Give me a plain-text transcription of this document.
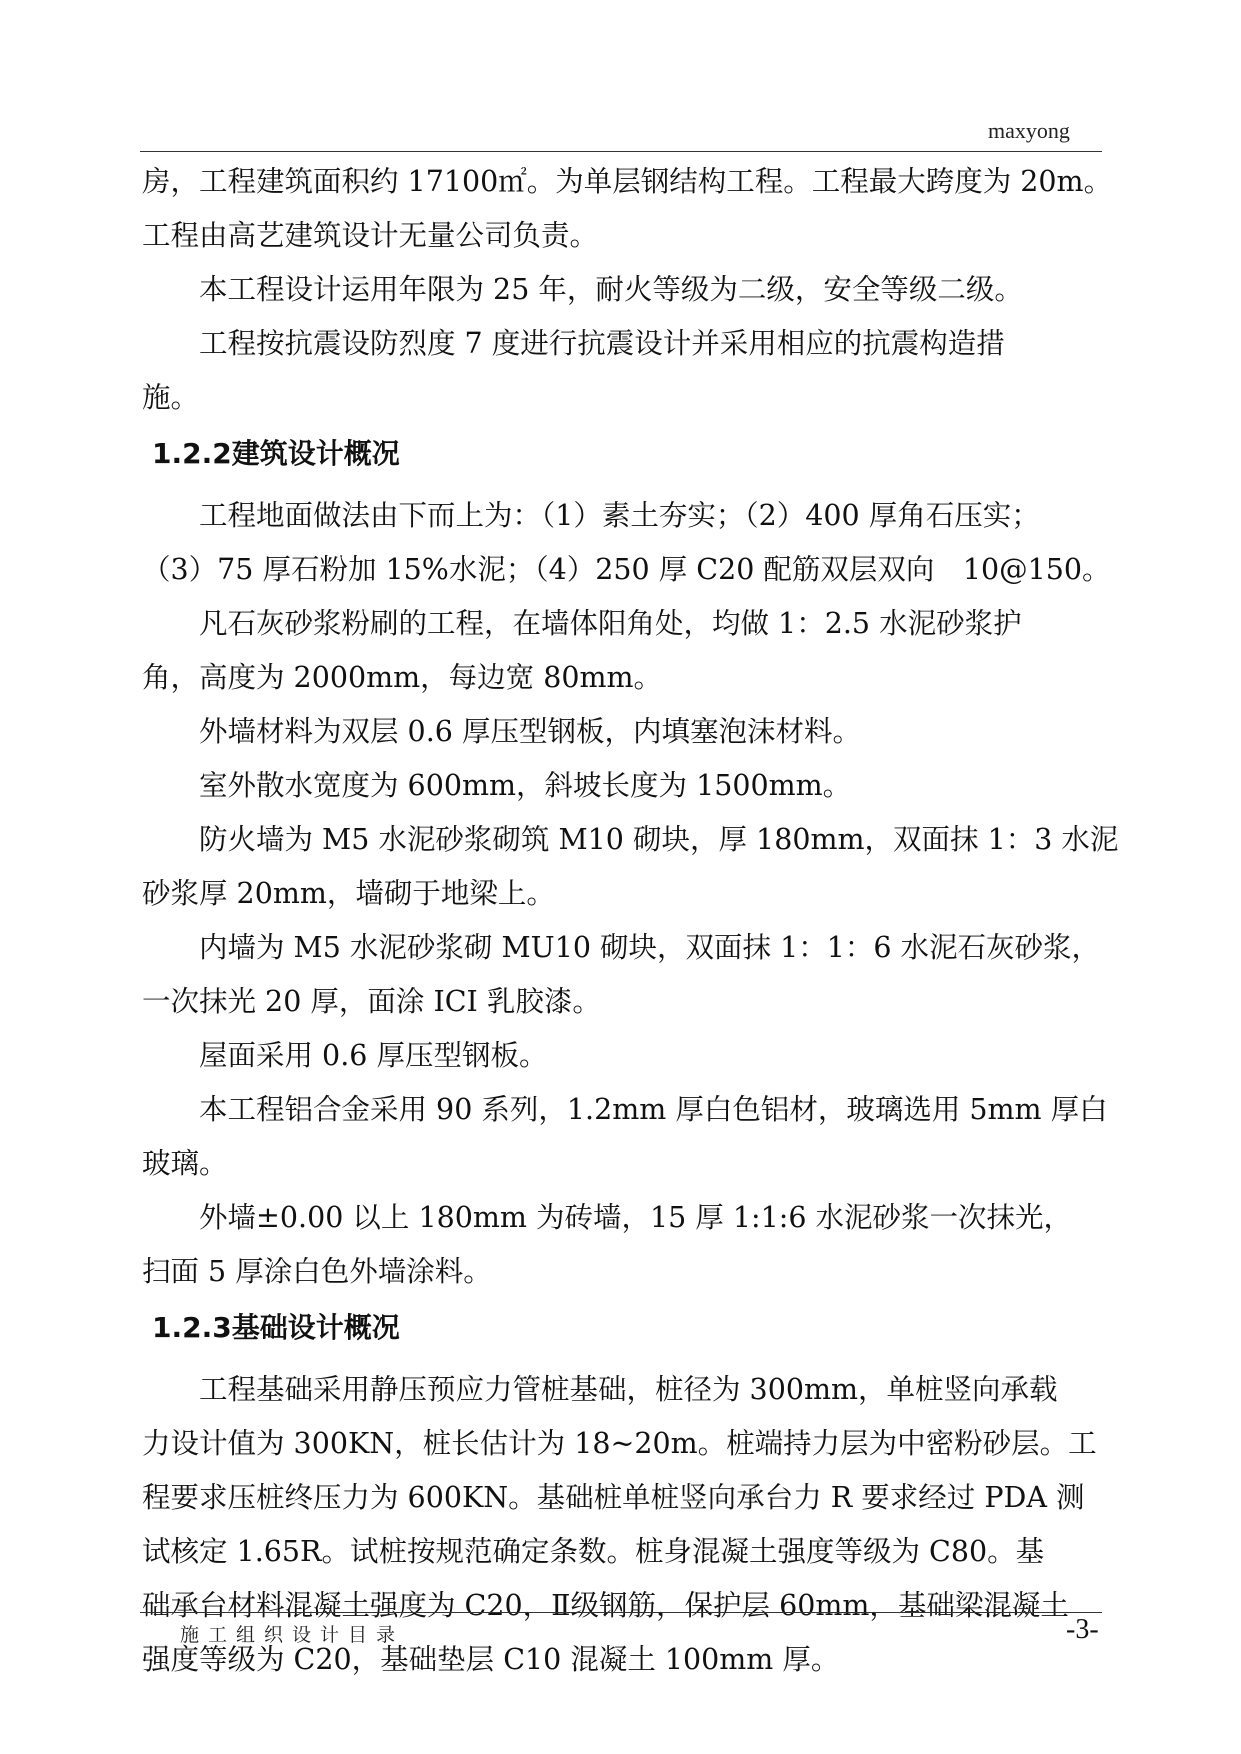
maxyong

房，工程建筑面积约 17100㎡。为单层钢结构工程。工程最大跨度为 20m。

工程由高艺建筑设计无量公司负责。

本工程设计运用年限为 25 年，耐火等级为二级，安全等级二级。

工程按抗震设防烈度 7 度进行抗震设计并采用相应的抗震构造措

施。

1.2.2建筑设计概况

工程地面做法由下而上为：（1）素土夯实；（2）400 厚角石压实；

（3）75 厚石粉加 15%水泥；（4）250 厚 C20 配筋双层双向　10@150。

凡石灰砂浆粉刷的工程，在墙体阳角处，均做 1：2.5 水泥砂浆护

角，高度为 2000mm，每边宽 80mm。

外墙材料为双层 0.6 厚压型钢板，内填塞泡沫材料。

室外散水宽度为 600mm，斜坡长度为 1500mm。

防火墙为 M5 水泥砂浆砌筑 M10 砌块，厚 180mm，双面抹 1：3 水泥

砂浆厚 20mm，墙砌于地梁上。

内墙为 M5 水泥砂浆砌 MU10 砌块，双面抹 1：1：6 水泥石灰砂浆，

一次抹光 20 厚，面涂 ICI 乳胶漆。

屋面采用 0.6 厚压型钢板。

本工程铝合金采用 90 系列，1.2mm 厚白色铝材，玻璃选用 5mm 厚白

玻璃。

外墙±0.00 以上 180mm 为砖墙，15 厚 1:1:6 水泥砂浆一次抹光，

扫面 5 厚涂白色外墙涂料。

1.2.3基础设计概况

工程基础采用静压预应力管桩基础，桩径为 300mm，单桩竖向承载

力设计值为 300KN，桩长估计为 18~20m。桩端持力层为中密粉砂层。工

程要求压桩终压力为 600KN。基础桩单桩竖向承台力 R 要求经过 PDA 测

试核定 1.65R。试桩按规范确定条数。桩身混凝土强度等级为 C80。基

础承台材料混凝土强度为 C20，Ⅱ级钢筋，保护层 60mm，基础梁混凝土

强度等级为 C20，基础垫层 C10 混凝土 100mm 厚。

施工组织设计目录	-3-
